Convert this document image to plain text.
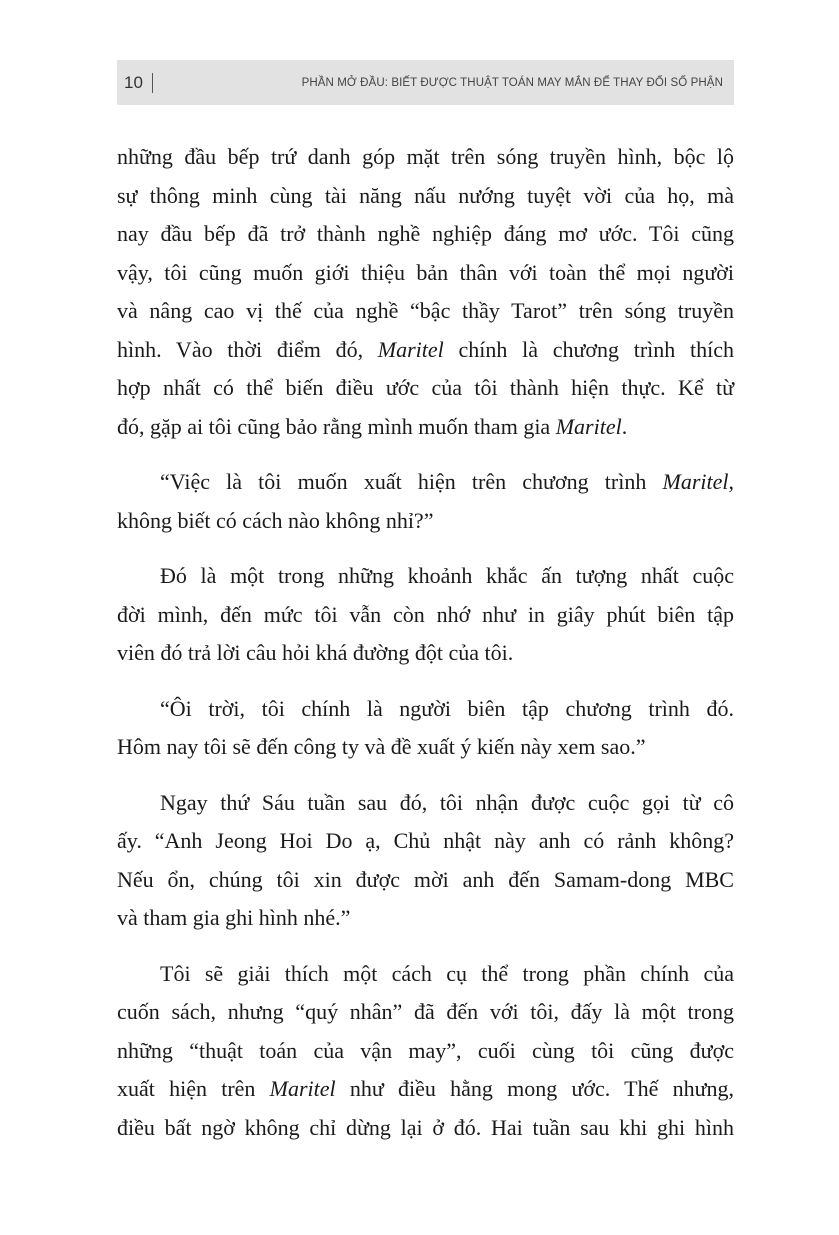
10	PHẦN MỞ ĐẦU: BIẾT ĐƯỢC THUẬT TOÁN MAY MẮN ĐỂ THAY ĐỔI SỐ PHẬN
những đầu bếp trứ danh góp mặt trên sóng truyền hình, bộc lộ
sự thông minh cùng tài năng nấu nướng tuyệt vời của họ, mà
nay đầu bếp đã trở thành nghề nghiệp đáng mơ ước. Tôi cũng
vậy, tôi cũng muốn giới thiệu bản thân với toàn thể mọi người
và nâng cao vị thế của nghề “bậc thầy Tarot” trên sóng truyền
hình. Vào thời điểm đó, Maritel chính là chương trình thích
hợp nhất có thể biến điều ước của tôi thành hiện thực. Kể từ
đó, gặp ai tôi cũng bảo rằng mình muốn tham gia Maritel.
“Việc là tôi muốn xuất hiện trên chương trình Maritel,
không biết có cách nào không nhỉ?”
Đó là một trong những khoảnh khắc ấn tượng nhất cuộc
đời mình, đến mức tôi vẫn còn nhớ như in giây phút biên tập
viên đó trả lời câu hỏi khá đường đột của tôi.
“Ôi trời, tôi chính là người biên tập chương trình đó.
Hôm nay tôi sẽ đến công ty và đề xuất ý kiến này xem sao.”
Ngay thứ Sáu tuần sau đó, tôi nhận được cuộc gọi từ cô
ấy. “Anh Jeong Hoi Do ạ, Chủ nhật này anh có rảnh không?
Nếu ổn, chúng tôi xin được mời anh đến Samam-dong MBC
và tham gia ghi hình nhé.”
Tôi sẽ giải thích một cách cụ thể trong phần chính của
cuốn sách, nhưng “quý nhân” đã đến với tôi, đấy là một trong
những “thuật toán của vận may”, cuối cùng tôi cũng được
xuất hiện trên Maritel như điều hằng mong ước. Thế nhưng,
điều bất ngờ không chỉ dừng lại ở đó. Hai tuần sau khi ghi hình
